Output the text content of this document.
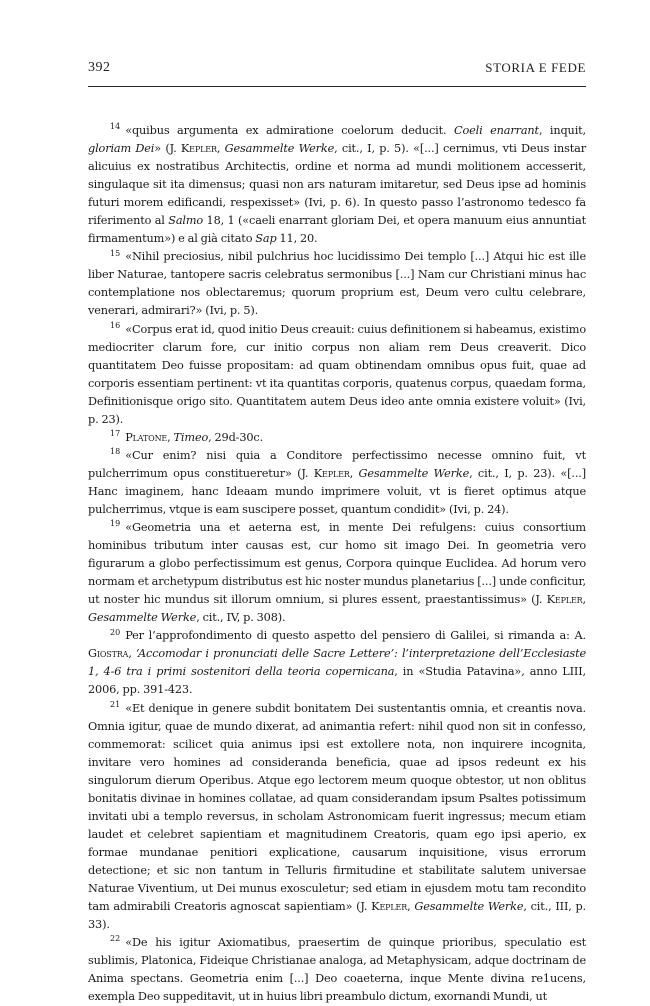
392	STORIA E FEDE

$^{14}$ «quibus argumenta ex admiratione coelorum deducit. Coeli enarrant, inquit, gloriam Dei» (J. Kepler, Gesammelte Werke, cit., I, p. 5). «[...] cernimus, vti Deus instar alicuius ex nostratibus Architectis, ordine et norma ad mundi molitionem accesserit, singulaque sit ita dimensus; quasi non ars naturam imitaretur, sed Deus ipse ad hominis futuri morem edificandi, respexisset» (Ivi, p. 6). In questo passo l’astronomo tedesco fa riferimento al Salmo 18, 1 («caeli enarrant gloriam Dei, et opera manuum eius annuntiat firmamentum») e al già citato Sap 11, 20.

$^{15}$ «Nihil preciosius, nibil pulchrius hoc lucidissimo Dei templo [...] Atqui hic est ille liber Naturae, tantopere sacris celebratus sermonibus [...] Nam cur Christiani minus hac contemplatione nos oblectaremus; quorum proprium est, Deum vero cultu celebrare, venerari, admirari?» (Ivi, p. 5).

$^{16}$ «Corpus erat id, quod initio Deus creauit: cuius definitionem si habeamus, existimo mediocriter clarum fore, cur initio corpus non aliam rem Deus creaverit. Dico quantitatem Deo fuisse propositam: ad quam obtinendam omnibus opus fuit, quae ad corporis essentiam pertinent: vt ita quantitas corporis, quatenus corpus, quaedam forma, Definitionisque origo sito. Quantitatem autem Deus ideo ante omnia existere voluit» (Ivi, p. 23).

$^{17}$ Platone, Timeo, 29d-30c.

$^{18}$ «Cur enim? nisi quia a Conditore perfectissimo necesse omnino fuit, vt pulcherrimum opus constitueretur» (J. Kepler, Gesammelte Werke, cit., I, p. 23). «[...] Hanc imaginem, hanc Ideaam mundo imprimere voluit, vt is fieret optimus atque pulcherrimus, vtque is eam suscipere posset, quantum condidit» (Ivi, p. 24).

$^{19}$ «Geometria una et aeterna est, in mente Dei refulgens: cuius consortium hominibus tributum inter causas est, cur homo sit imago Dei. In geometria vero figurarum a globo perfectissimum est genus, Corpora quinque Euclidea. Ad horum vero normam et archetypum distributus est hic noster mundus planetarius [...] unde conficitur, ut noster hic mundus sit illorum omnium, si plures essent, praestantissimus» (J. Kepler, Gesammelte Werke, cit., IV, p. 308).

$^{20}$ Per l’approfondimento di questo aspetto del pensiero di Galilei, si rimanda a: A. Giostra, ‘Accomodar i pronunciati delle Sacre Lettere’: l’interpretazione dell’Ecclesiaste 1, 4-6 tra i primi sostenitori della teoria copernicana, in «Studia Patavina», anno LIII, 2006, pp. 391-423.

$^{21}$ «Et denique in genere subdit bonitatem Dei sustentantis omnia, et creantis nova. Omnia igitur, quae de mundo dixerat, ad animantia refert: nihil quod non sit in confesso, commemorat: scilicet quia animus ipsi est extollere nota, non inquirere incognita, invitare vero homines ad consideranda beneficia, quae ad ipsos redeunt ex his singulorum dierum Operibus. Atque ego lectorem meum quoque obtestor, ut non oblitus bonitatis divinae in homines collatae, ad quam considerandam ipsum Psaltes potissimum invitati ubi a templo reversus, in scholam Astronomicam fuerit ingressus; mecum etiam laudet et celebret sapientiam et magnitudinem Creatoris, quam ego ipsi aperio, ex formae mundanae penitiori explicatione, causarum inquisitione, visus errorum detectione; et sic non tantum in Telluris firmitudine et stabilitate salutem universae Naturae Viventium, ut Dei munus exosculetur; sed etiam in ejusdem motu tam recondito tam admirabili Creatoris agnoscat sapientiam» (J. Kepler, Gesammelte Werke, cit., III, p. 33).

$^{22}$ «De his igitur Axiomatibus, praesertim de quinque prioribus, speculatio est sublimis, Platonica, Fideique Christianae analoga, ad Metaphysicam, adque doctrinam de Anima spectans. Geometria enim [...] Deo coaeterna, inque Mente divina re1ucens, exempla Deo suppeditavit, ut in huius libri preambulo dictum, exornandi Mundi, ut
